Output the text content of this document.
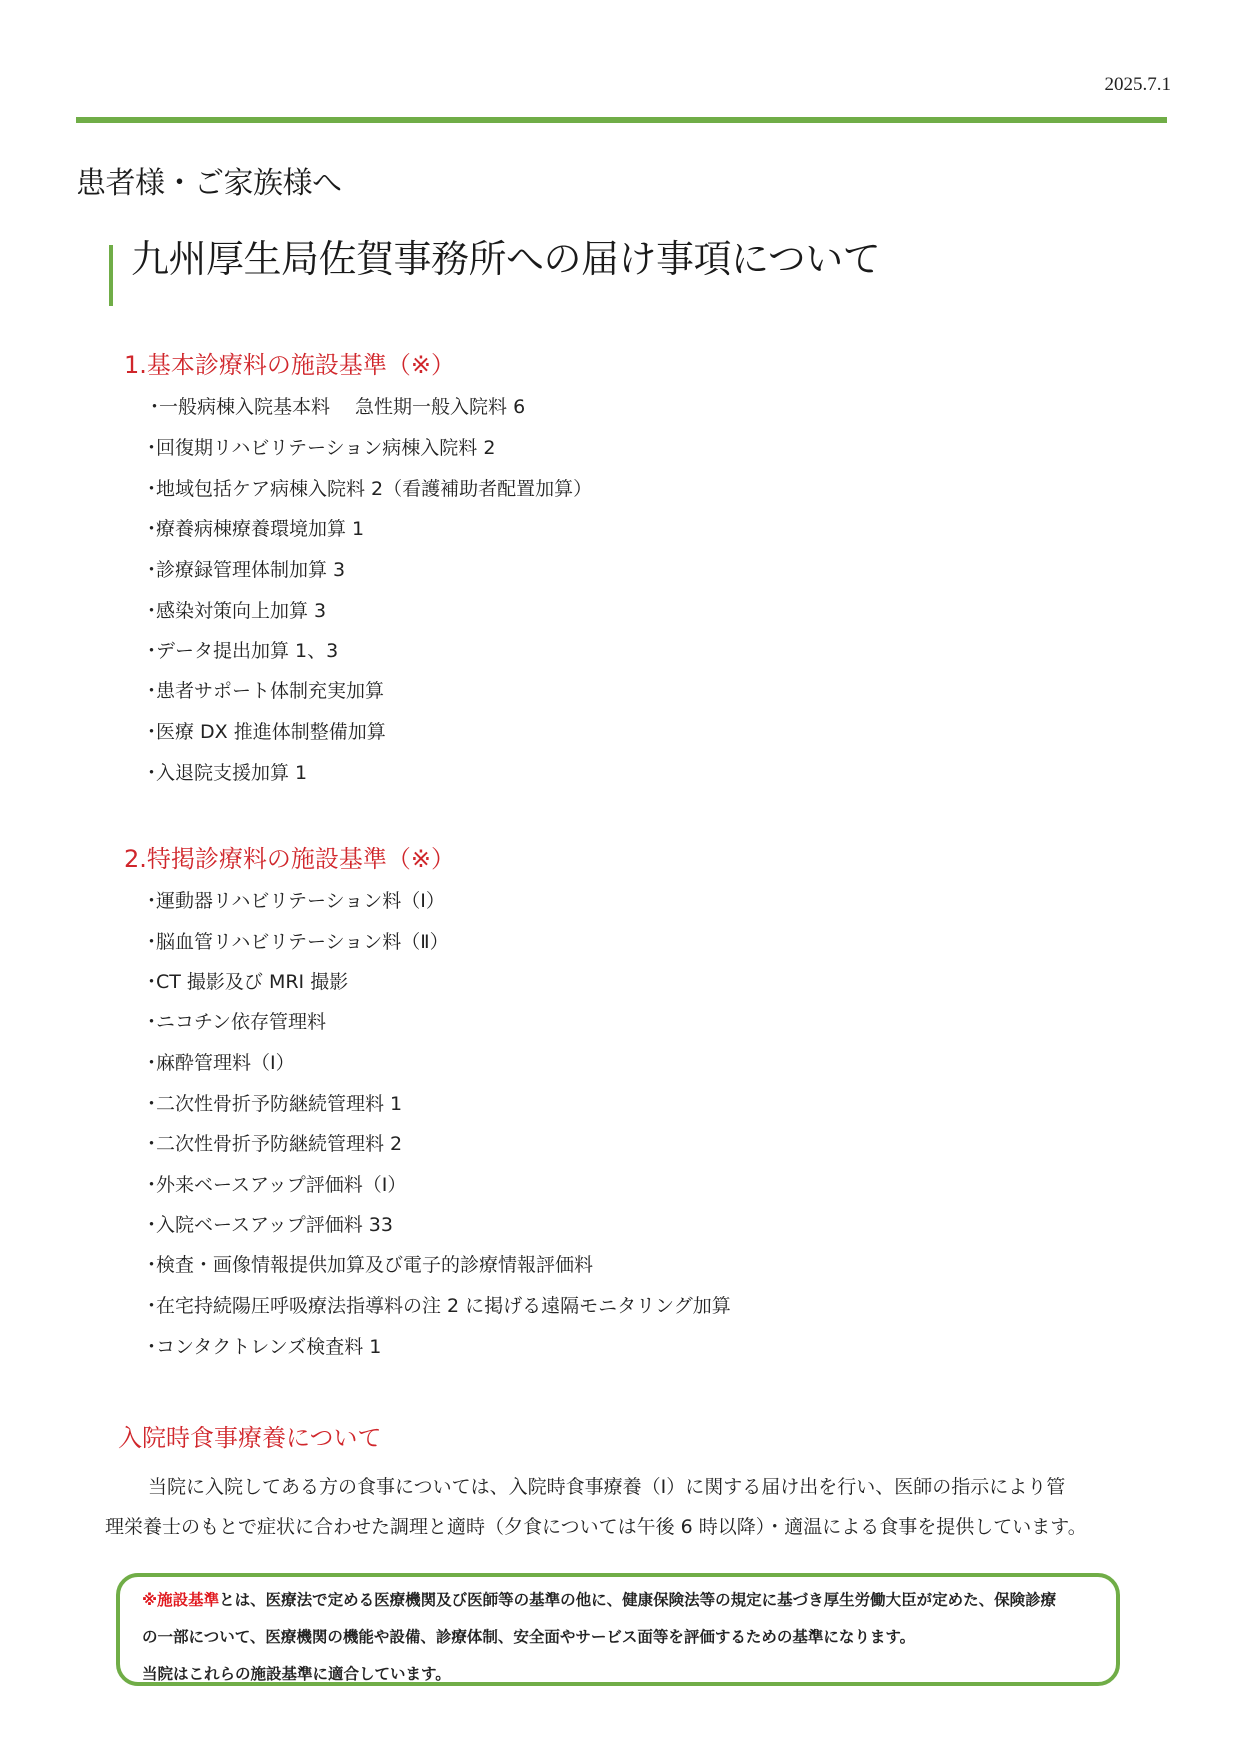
2025.7.1
患者様・ご家族様へ
九州厚生局佐賀事務所への届け事項について
1.基本診療料の施設基準（※）
・一般病棟入院基本料　 急性期一般入院料 6
・回復期リハビリテーション病棟入院料 2
・地域包括ケア病棟入院料 2（看護補助者配置加算）
・療養病棟療養環境加算 1
・診療録管理体制加算 3
・感染対策向上加算 3
・データ提出加算 1、3
・患者サポート体制充実加算
・医療 DX 推進体制整備加算
・入退院支援加算 1
2.特掲診療料の施設基準（※）
・運動器リハビリテーション料（Ⅰ）
・脳血管リハビリテーション料（Ⅱ）
・CT 撮影及び MRI 撮影
・ニコチン依存管理料
・麻酔管理料（Ⅰ）
・二次性骨折予防継続管理料 1
・二次性骨折予防継続管理料 2
・外来ベースアップ評価料（Ⅰ）
・入院ベースアップ評価料 33
・検査・画像情報提供加算及び電子的診療情報評価料
・在宅持続陽圧呼吸療法指導料の注 2 に掲げる遠隔モニタリング加算
・コンタクトレンズ検査料 1
入院時食事療養について
当院に入院してある方の食事については、入院時食事療養（Ⅰ）に関する届け出を行い、医師の指示により管
理栄養士のもとで症状に合わせた調理と適時（夕食については午後 6 時以降）・適温による食事を提供しています。
※施設基準とは、医療法で定める医療機関及び医師等の基準の他に、健康保険法等の規定に基づき厚生労働大臣が定めた、保険診療
の一部について、医療機関の機能や設備、診療体制、安全面やサービス面等を評価するための基準になります。
当院はこれらの施設基準に適合しています。
